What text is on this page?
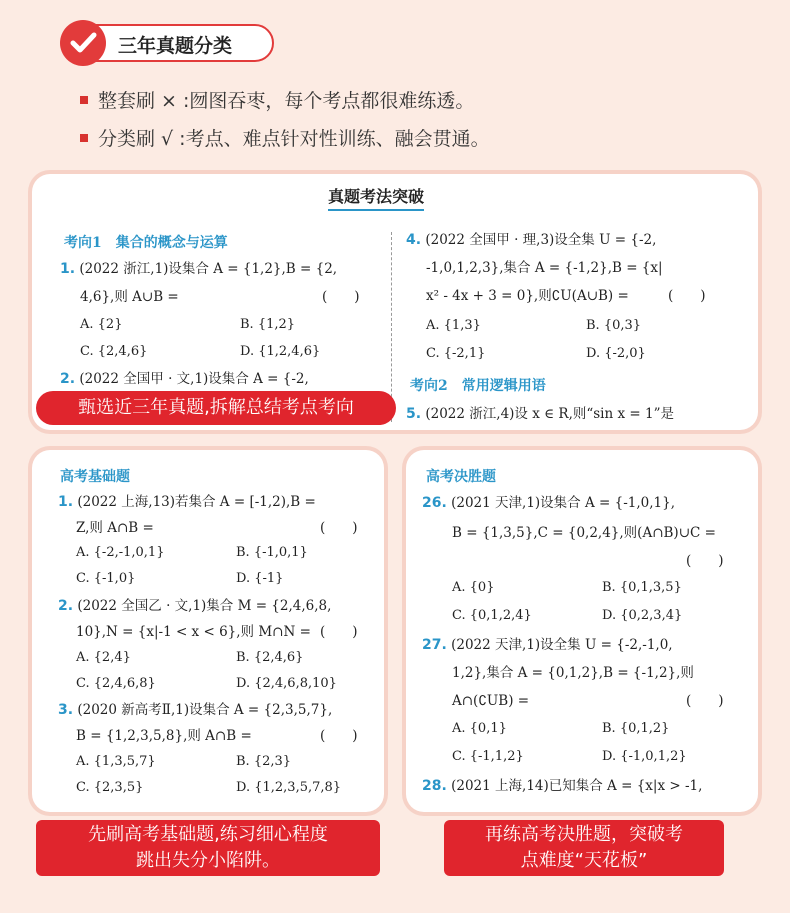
三年真题分类
整套刷 × :囫图吞枣，每个考点都很难练透。
分类刷 √ :考点、难点针对性训练、融会贯通。
真题考法突破
考向1　集合的概念与运算
1. (2022 浙江,1)设集合 A = {1,2},B = {2,
4,6},则 A∪B =	(　　)
A. {2}	B. {1,2}
C. {2,4,6}	D. {1,2,4,6}
2. (2022 全国甲 · 文,1)设集合 A = {-2,
4. (2022 全国甲 · 理,3)设全集 U = {-2,
-1,0,1,2,3},集合 A = {-1,2},B = {x|
x² - 4x + 3 = 0},则∁U(A∪B) =	(　　)
A. {1,3}	B. {0,3}
C. {-2,1}	D. {-2,0}
考向2　常用逻辑用语
5. (2022 浙江,4)设 x ∈ R,则“sin x = 1”是
甄选近三年真题,拆解总结考点考向
高考基础题
1. (2022 上海,13)若集合 A = [-1,2),B =
Z,则 A∩B =	(　　)
A. {-2,-1,0,1}	B. {-1,0,1}
C. {-1,0}	D. {-1}
2. (2022 全国乙 · 文,1)集合 M = {2,4,6,8,
10},N = {x|-1 < x < 6},则 M∩N = (　　)
A. {2,4}	B. {2,4,6}
C. {2,4,6,8}	D. {2,4,6,8,10}
3. (2020 新高考Ⅱ,1)设集合 A = {2,3,5,7},
B = {1,2,3,5,8},则 A∩B =	(　　)
A. {1,3,5,7}	B. {2,3}
C. {2,3,5}	D. {1,2,3,5,7,8}
高考决胜题
26. (2021 天津,1)设集合 A = {-1,0,1},
B = {1,3,5},C = {0,2,4},则(A∩B)∪C =
(　　)
A. {0}	B. {0,1,3,5}
C. {0,1,2,4}	D. {0,2,3,4}
27. (2022 天津,1)设全集 U = {-2,-1,0,
1,2},集合 A = {0,1,2},B = {-1,2},则
A∩(∁UB) =	(　　)
A. {0,1}	B. {0,1,2}
C. {-1,1,2}	D. {-1,0,1,2}
28. (2021 上海,14)已知集合 A = {x|x > -1,
先刷高考基础题,练习细心程度
跳出失分小陷阱。
再练高考决胜题，突破考
点难度“天花板”
